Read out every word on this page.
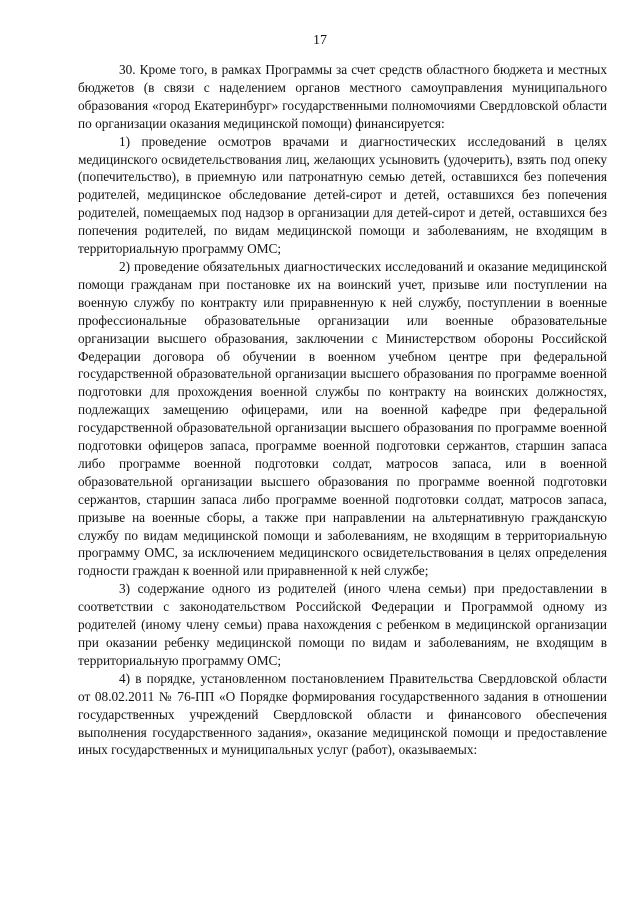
17

30. Кроме того, в рамках Программы за счет средств областного бюджета и местных бюджетов (в связи с наделением органов местного самоуправления муниципального образования «город Екатеринбург» государственными полномочиями Свердловской области по организации оказания медицинской помощи) финансируется:

1) проведение осмотров врачами и диагностических исследований в целях медицинского освидетельствования лиц, желающих усыновить (удочерить), взять под опеку (попечительство), в приемную или патронатную семью детей, оставшихся без попечения родителей, медицинское обследование детей-сирот и детей, оставшихся без попечения родителей, помещаемых под надзор в организации для детей-сирот и детей, оставшихся без попечения родителей, по видам медицинской помощи и заболеваниям, не входящим в территориальную программу ОМС;

2) проведение обязательных диагностических исследований и оказание медицинской помощи гражданам при постановке их на воинский учет, призыве или поступлении на военную службу по контракту или приравненную к ней службу, поступлении в военные профессиональные образовательные организации или военные образовательные организации высшего образования, заключении с Министерством обороны Российской Федерации договора об обучении в военном учебном центре при федеральной государственной образовательной организации высшего образования по программе военной подготовки для прохождения военной службы по контракту на воинских должностях, подлежащих замещению офицерами, или на военной кафедре при федеральной государственной образовательной организации высшего образования по программе военной подготовки офицеров запаса, программе военной подготовки сержантов, старшин запаса либо программе военной подготовки солдат, матросов запаса, или в военной образовательной организации высшего образования по программе военной подготовки сержантов, старшин запаса либо программе военной подготовки солдат, матросов запаса, призыве на военные сборы, а также при направлении на альтернативную гражданскую службу по видам медицинской помощи и заболеваниям, не входящим в территориальную программу ОМС, за исключением медицинского освидетельствования в целях определения годности граждан к военной или приравненной к ней службе;

3) содержание одного из родителей (иного члена семьи) при предоставлении в соответствии с законодательством Российской Федерации и Программой одному из родителей (иному члену семьи) права нахождения с ребенком в медицинской организации при оказании ребенку медицинской помощи по видам и заболеваниям, не входящим в территориальную программу ОМС;

4) в порядке, установленном постановлением Правительства Свердловской области от 08.02.2011 № 76-ПП «О Порядке формирования государственного задания в отношении государственных учреждений Свердловской области и финансового обеспечения выполнения государственного задания», оказание медицинской помощи и предоставление иных государственных и муниципальных услуг (работ), оказываемых:
